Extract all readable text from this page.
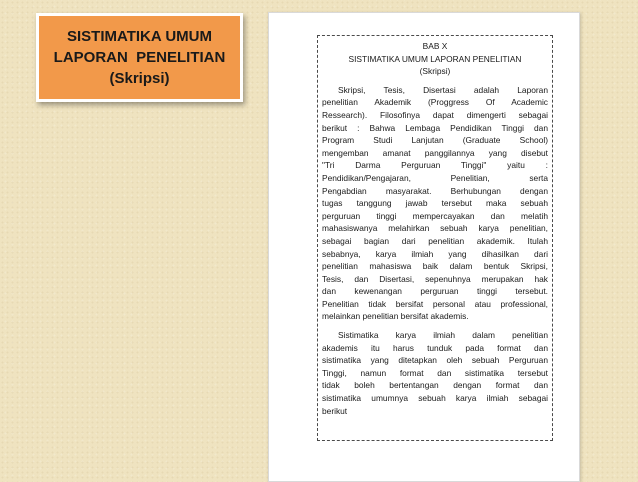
SISTIMATIKA UMUM
LAPORAN  PENELITIAN
(Skripsi)
BAB X
SISTIMATIKA UMUM LAPORAN PENELITIAN
(Skripsi)
Skripsi, Tesis, Disertasi adalah Laporan
penelitian Akademik (Proggress Of Academic
Ressearch). Filosofinya dapat dimengerti sebagai
berikut : Bahwa Lembaga Pendidikan Tinggi dan
Program Studi Lanjutan (Graduate School)
mengemban amanat panggilannya yang disebut
"Tri Darma Perguruan Tinggi" yaitu :
Pendidikan/Pengajaran, Penelitian, serta
Pengabdian masyarakat. Berhubungan dengan
tugas tanggung jawab tersebut maka sebuah
perguruan tinggi mempercayakan dan melatih
mahasiswanya melahirkan sebuah karya penelitian,
sebagai bagian dari penelitian akademik. Itulah
sebabnya, karya ilmiah yang dihasilkan dari
penelitian mahasiswa baik dalam bentuk Skripsi,
Tesis, dan Disertasi, sepenuhnya merupakan hak
dan kewenangan perguruan tinggi tersebut.
Penelitian tidak bersifat personal atau professional,
melainkan penelitian bersifat akademis.
Sistimatika karya ilmiah dalam penelitian
akademis itu harus tunduk pada format dan
sistimatika yang ditetapkan oleh sebuah Perguruan
Tinggi, namun format dan sistimatika tersebut
tidak boleh bertentangan dengan format dan
sistimatika umumnya sebuah karya ilmiah sebagai
berikut
